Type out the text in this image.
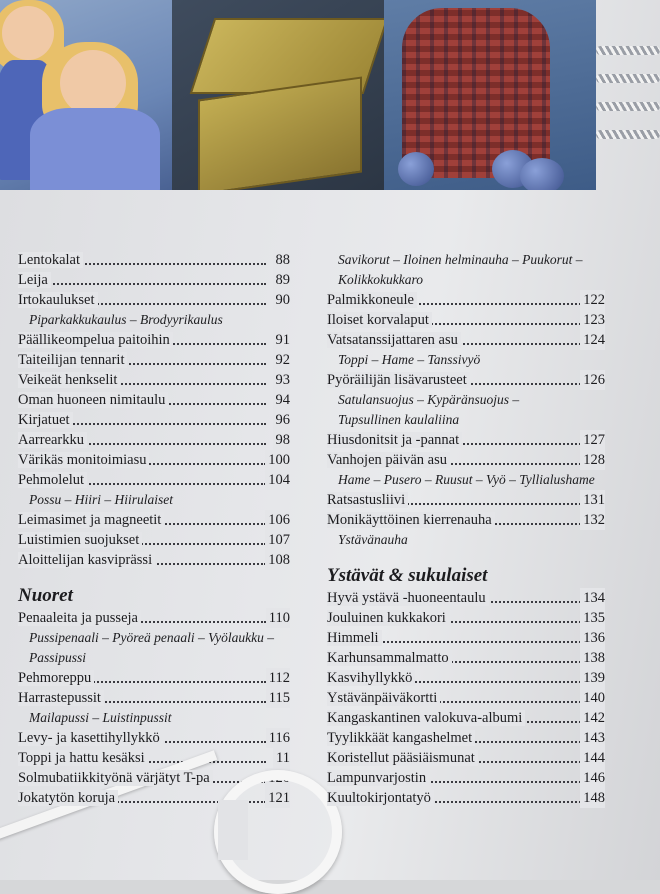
Lentokalat	88
Leija	89
Irtokaulukset	90
Piparkakkukaulus – Brodyyrikaulus
Päällikeompelua paitoihin	91
Taiteilijan tennarit	92
Veikeät henkselit	93
Oman huoneen nimitaulu	94
Kirjatuet	96
Aarrearkku	98
Värikäs monitoimiasu	100
Pehmolelut	104
Possu – Hiiri – Hiirulaiset
Leimasimet ja magneetit	106
Luistimien suojukset	107
Aloittelijan kasviprässi	108
Nuoret
Penaaleita ja pusseja	110
Pussipenaali – Pyöreä penaali – Vyölaukku –
Passipussi
Pehmoreppu	112
Harrastepussit	115
Mailapussi – Luistinpussit
Levy- ja kasettihyllykkö	116
Toppi ja hattu kesäksi	11
Solmubatiikkityönä värjätyt T-pa	120
Jokatytön koruja	121
Savikorut – Iloinen helminauha – Puukorut –
Kolikkokukkaro
Palmikkoneule	122
Iloiset korvalaput	123
Vatsatanssijattaren asu	124
Toppi – Hame – Tanssivyö
Pyöräilijän lisävarusteet	126
Satulansuojus – Kypäränsuojus –
Tupsullinen kaulaliina
Hiusdonitsit ja -pannat	127
Vanhojen päivän asu	128
Hame – Pusero – Ruusut – Vyö – Tyllialushame
Ratsastusliivi	131
Monikäyttöinen kierrenauha	132
Ystävänauha
Ystävät & sukulaiset
Hyvä ystävä -huoneentaulu	134
Jouluinen kukkakori	135
Himmeli	136
Karhunsammalmatto	138
Kasvihyllykkö	139
Ystävänpäiväkortti	140
Kangaskantinen valokuva-albumi	142
Tyylikkäät kangashelmet	143
Koristellut pääsiäismunat	144
Lampunvarjostin	146
Kuultokirjontatyö	148
